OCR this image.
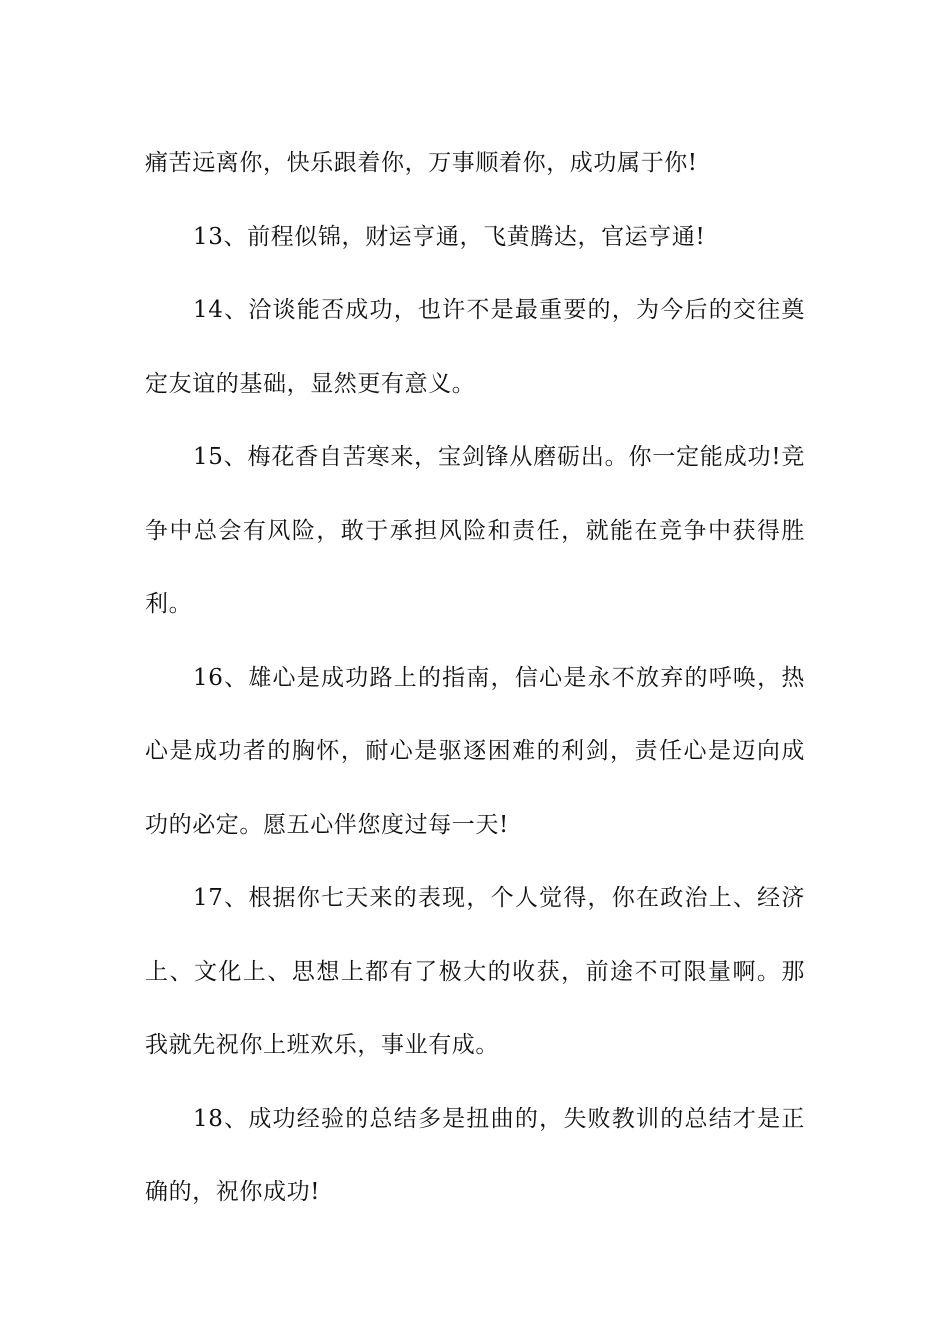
痛苦远离你，快乐跟着你，万事顺着你，成功属于你!

13、前程似锦，财运亨通，飞黄腾达，官运亨通!

14、洽谈能否成功，也许不是最重要的，为今后的交往奠定友谊的基础，显然更有意义。

15、梅花香自苦寒来，宝剑锋从磨砺出。你一定能成功!竞争中总会有风险，敢于承担风险和责任，就能在竞争中获得胜利。

16、雄心是成功路上的指南，信心是永不放弃的呼唤，热心是成功者的胸怀，耐心是驱逐困难的利剑，责任心是迈向成功的必定。愿五心伴您度过每一天!

17、根据你七天来的表现，个人觉得，你在政治上、经济上、文化上、思想上都有了极大的收获，前途不可限量啊。那我就先祝你上班欢乐，事业有成。

18、成功经验的总结多是扭曲的，失败教训的总结才是正确的，祝你成功!
